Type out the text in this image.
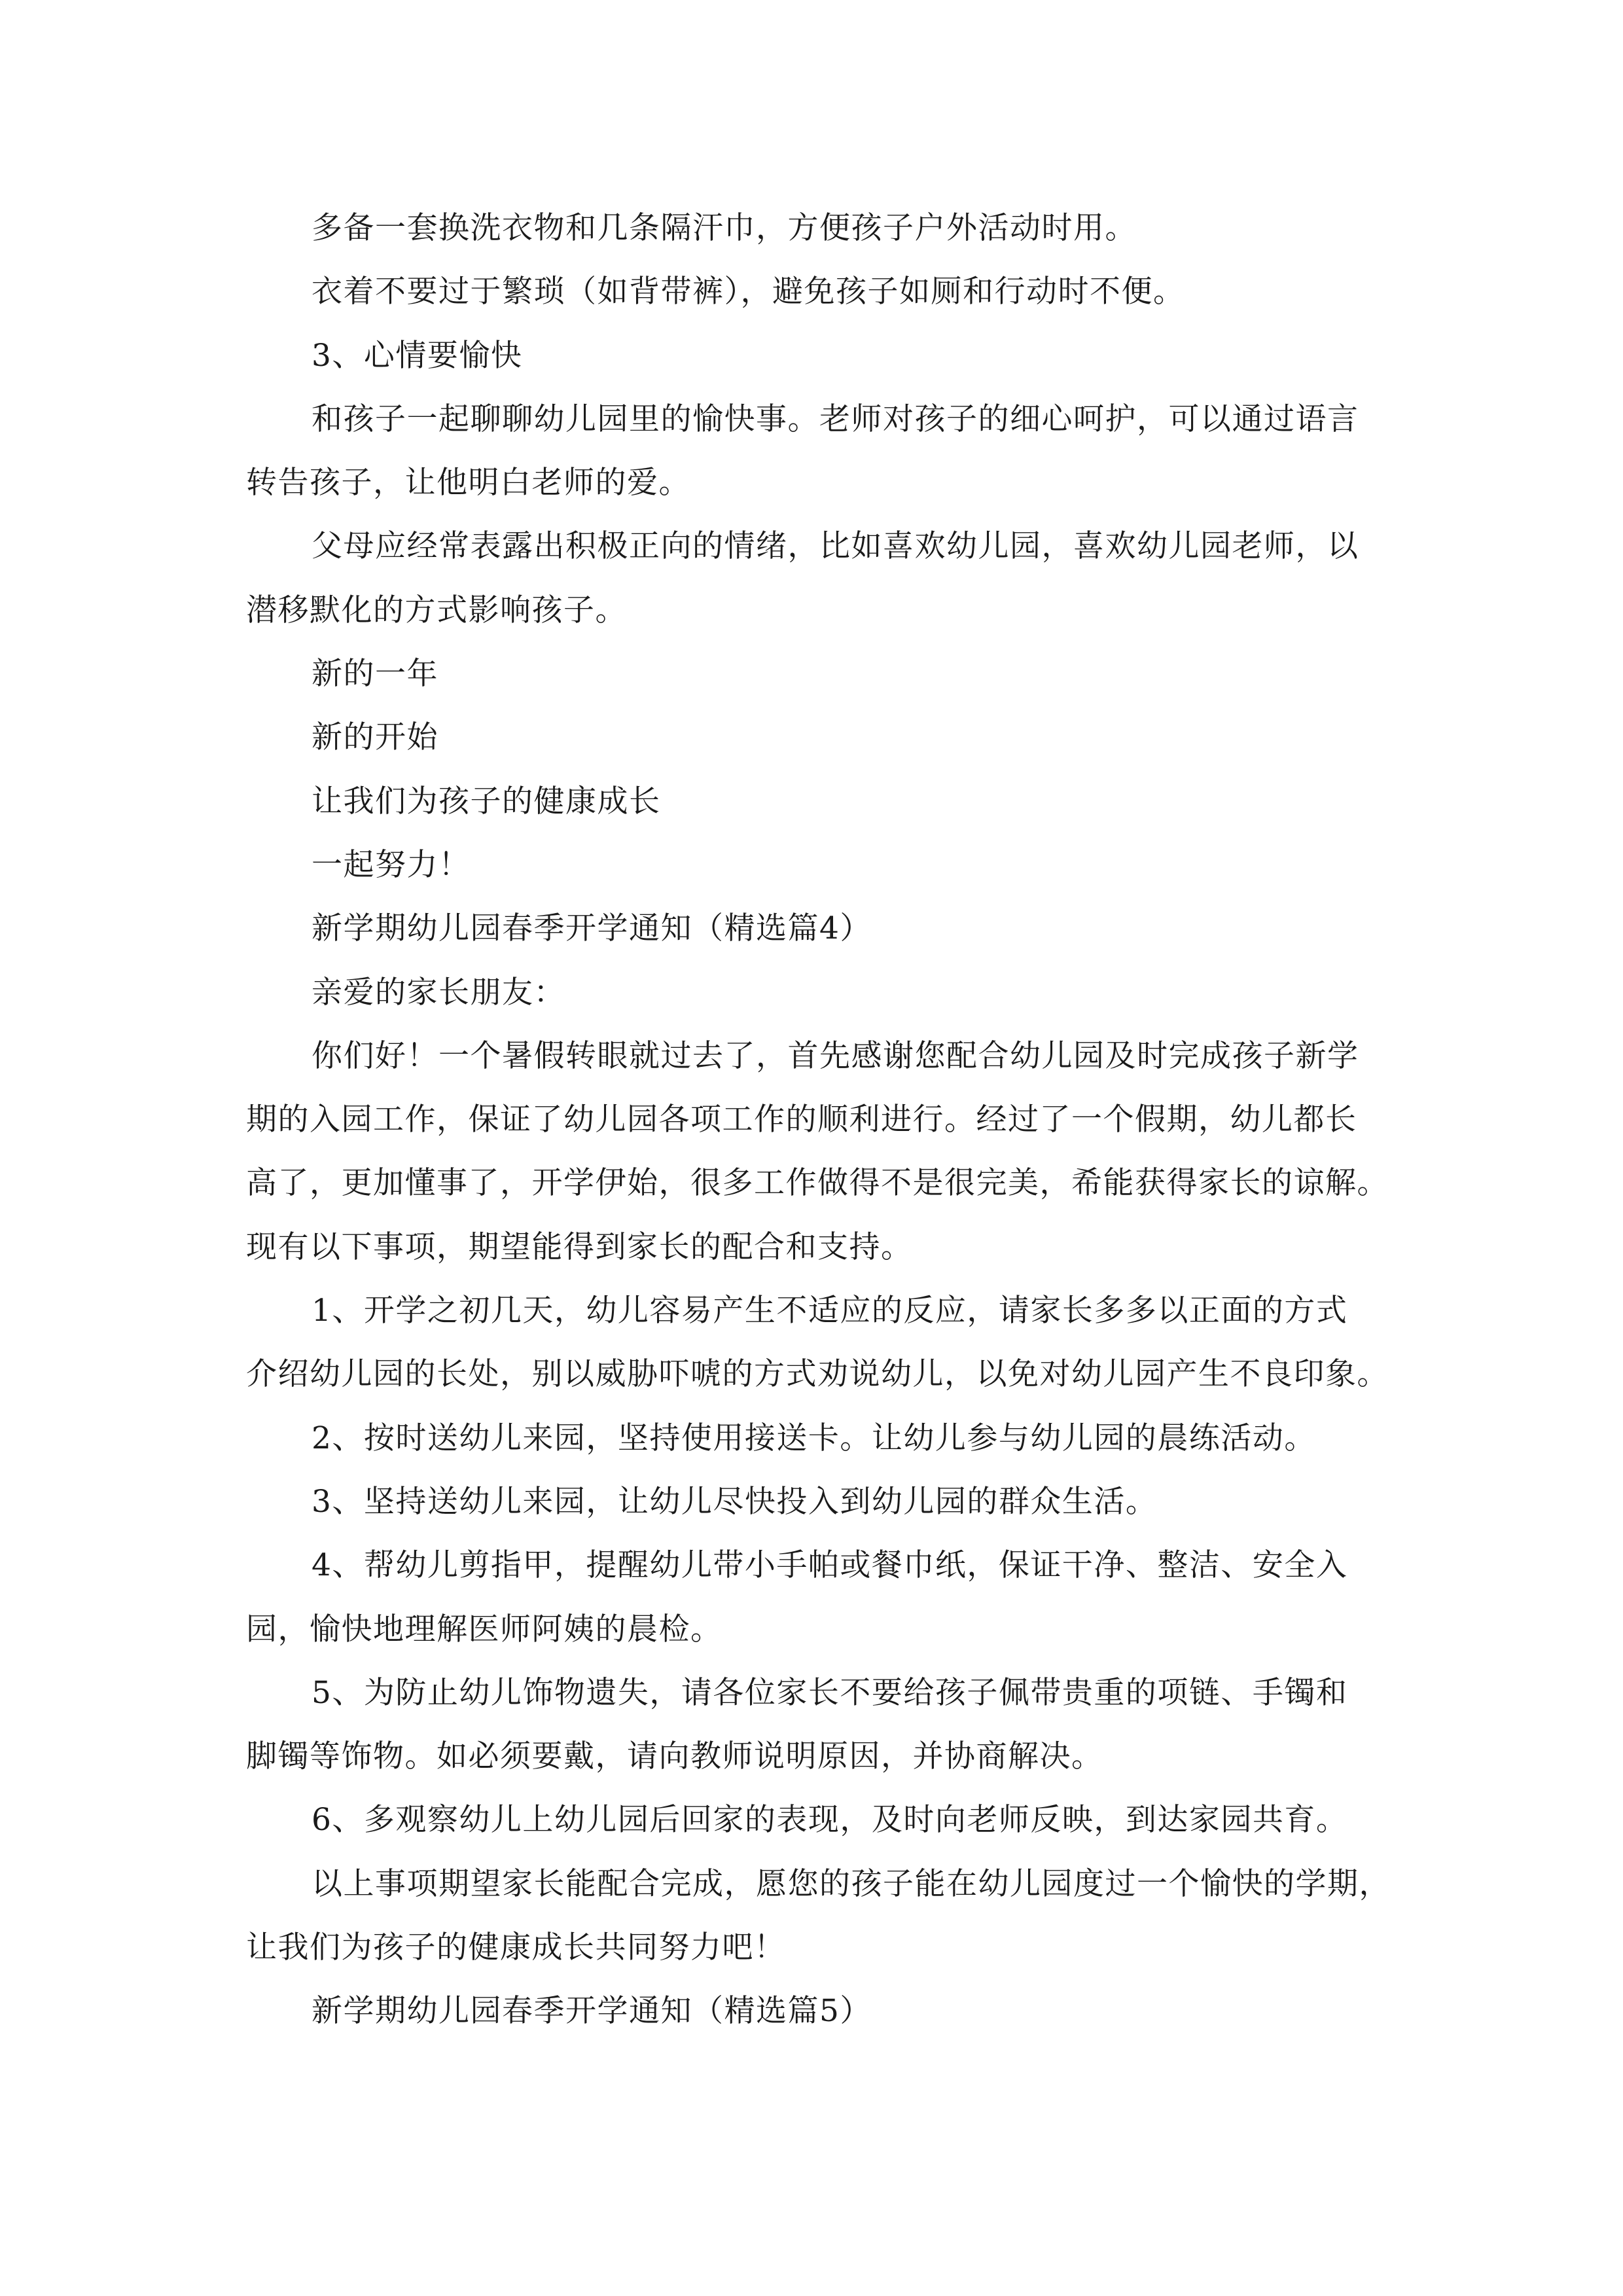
多备一套换洗衣物和几条隔汗巾，方便孩子户外活动时用。
衣着不要过于繁琐（如背带裤），避免孩子如厕和行动时不便。
3、心情要愉快
和孩子一起聊聊幼儿园里的愉快事。老师对孩子的细心呵护，可以通过语言
转告孩子，让他明白老师的爱。
父母应经常表露出积极正向的情绪，比如喜欢幼儿园，喜欢幼儿园老师，以
潜移默化的方式影响孩子。
新的一年
新的开始
让我们为孩子的健康成长
一起努力！
新学期幼儿园春季开学通知（精选篇4）
亲爱的家长朋友：
你们好！一个暑假转眼就过去了，首先感谢您配合幼儿园及时完成孩子新学
期的入园工作，保证了幼儿园各项工作的顺利进行。经过了一个假期，幼儿都长
高了，更加懂事了，开学伊始，很多工作做得不是很完美，希能获得家长的谅解。
现有以下事项，期望能得到家长的配合和支持。
1、开学之初几天，幼儿容易产生不适应的反应，请家长多多以正面的方式
介绍幼儿园的长处，别以威胁吓唬的方式劝说幼儿，以免对幼儿园产生不良印象。
2、按时送幼儿来园，坚持使用接送卡。让幼儿参与幼儿园的晨练活动。
3、坚持送幼儿来园，让幼儿尽快投入到幼儿园的群众生活。
4、帮幼儿剪指甲，提醒幼儿带小手帕或餐巾纸，保证干净、整洁、安全入
园，愉快地理解医师阿姨的晨检。
5、为防止幼儿饰物遗失，请各位家长不要给孩子佩带贵重的项链、手镯和
脚镯等饰物。如必须要戴，请向教师说明原因，并协商解决。
6、多观察幼儿上幼儿园后回家的表现，及时向老师反映，到达家园共育。
以上事项期望家长能配合完成，愿您的孩子能在幼儿园度过一个愉快的学期，
让我们为孩子的健康成长共同努力吧！
新学期幼儿园春季开学通知（精选篇5）
